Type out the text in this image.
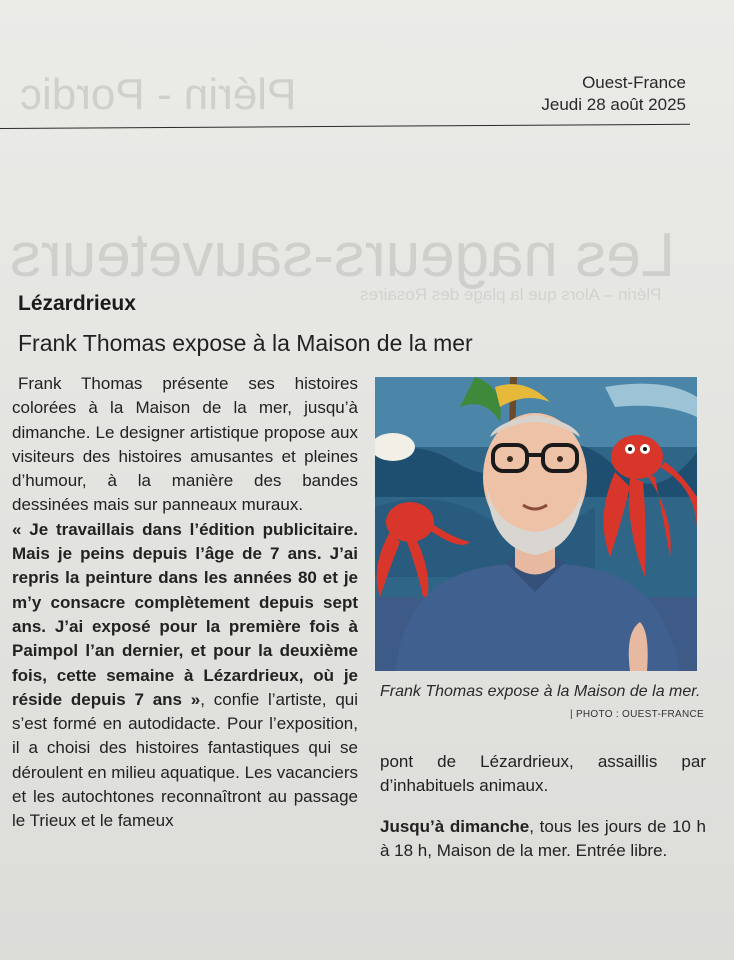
Plérin - Pordic
Les nageurs-sauveteurs
Plérin – Alors que la plage des Rosaires
Ouest-France
Jeudi 28 août 2025
Lézardrieux
Frank Thomas expose à la Maison de la mer

Frank Thomas présente ses histoires colorées à la Maison de la mer, jusqu’à dimanche. Le designer artistique propose aux visiteurs des histoires amusantes et pleines d’humour, à la manière des bandes dessinées mais sur panneaux muraux.

« Je travaillais dans l’édition publicitaire. Mais je peins depuis l’âge de 7 ans. J’ai repris la peinture dans les années 80 et je m’y consacre complètement depuis sept ans. J’ai exposé pour la première fois à Paimpol l’an dernier, et pour la deuxième fois, cette semaine à Lézardrieux, où je réside depuis 7 ans », confie l’artiste, qui s’est formé en autodidacte. Pour l’exposition, il a choisi des histoires fantastiques qui se déroulent en milieu aquatique. Les vacanciers et les autochtones reconnaîtront au passage le Trieux et le fameux

Frank Thomas expose à la Maison de la mer.
| PHOTO : OUEST-FRANCE

pont de Lézardrieux, assaillis par d’inhabituels animaux.

Jusqu’à dimanche, tous les jours de 10 h à 18 h, Maison de la mer. Entrée libre.
